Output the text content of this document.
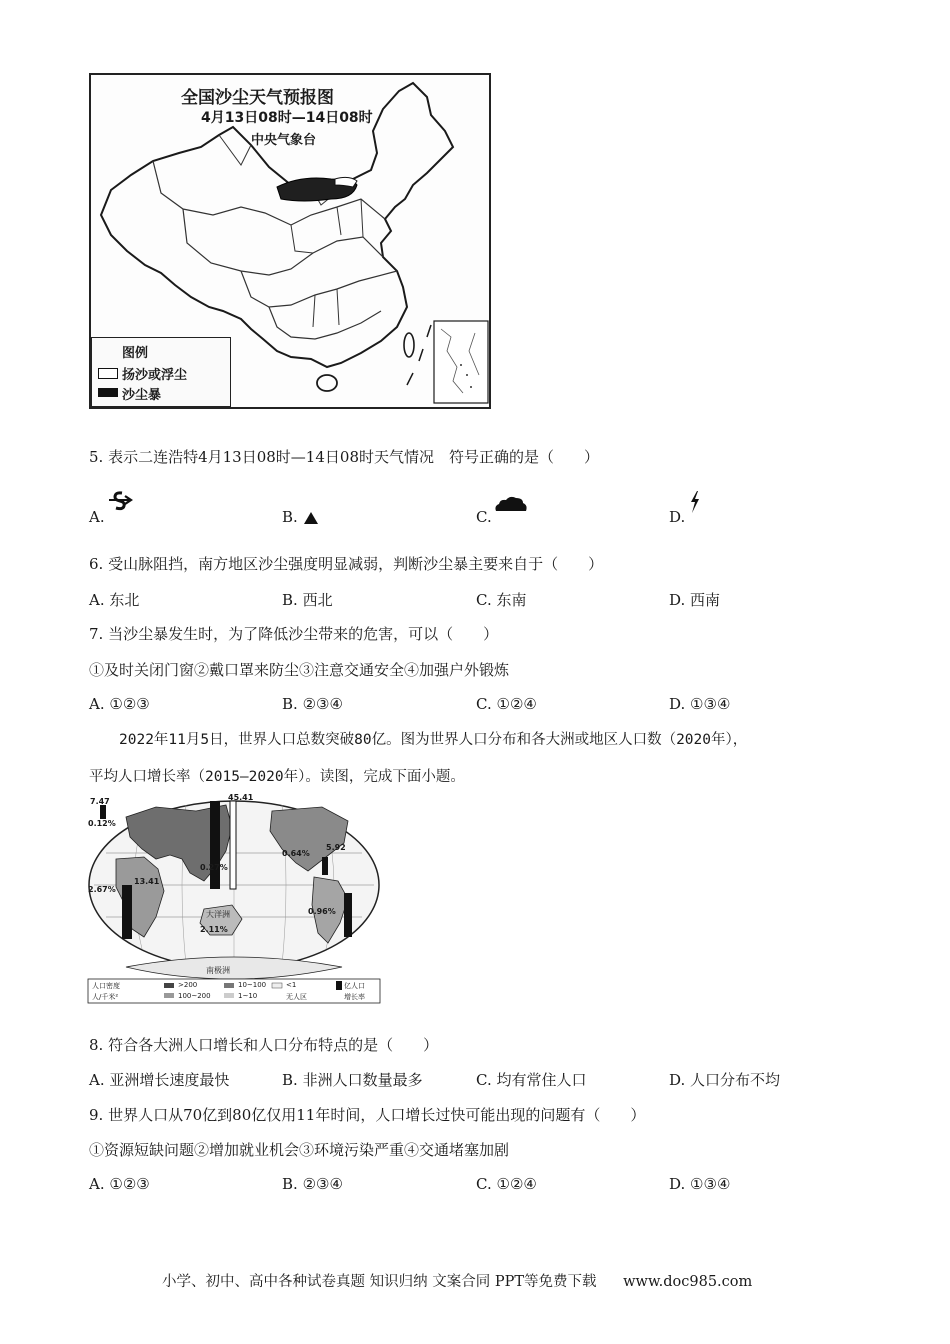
全国沙尘天气预报图
4月13日08时—14日08时
中央气象台
图例
扬沙或浮尘
沙尘暴
5. 表示二连浩特4月13日08时—14日08时天气情况　符号正确的是（　　）
A.	B.	C.	D.
6. 受山脉阻挡，南方地区沙尘强度明显减弱，判断沙尘暴主要来自于（　　）
A. 东北	B. 西北	C. 东南	D. 西南
7. 当沙尘暴发生时，为了降低沙尘带来的危害，可以（　　）
①及时关闭门窗②戴口罩来防尘③注意交通安全④加强户外锻炼
A. ①②③	B. ②③④	C. ①②④	D. ①③④
2022年11月5日，世界人口总数突破80亿。图为世界人口分布和各大洲或地区人口数（2020年），
平均人口增长率（2015—2020年）。读图，完成下面小题。
7.47
0.12%
2.67%
45.41
0.64%
5.92
0.96%
2.11%
0.27%
13.41
大洋洲
南极洲
人口密度
人/千米²
>200	10~100	<1
100~200	1~10	无人区
亿人口
增长率
8. 符合各大洲人口增长和人口分布特点的是（　　）
A. 亚洲增长速度最快	B. 非洲人口数量最多	C. 均有常住人口	D. 人口分布不均
9. 世界人口从70亿到80亿仅用11年时间，人口增长过快可能出现的问题有（　　）
①资源短缺问题②增加就业机会③环境污染严重④交通堵塞加剧
A. ①②③	B. ②③④	C. ①②④	D. ①③④
小学、初中、高中各种试卷真题 知识归纳 文案合同 PPT等免费下载 www.doc985.com
